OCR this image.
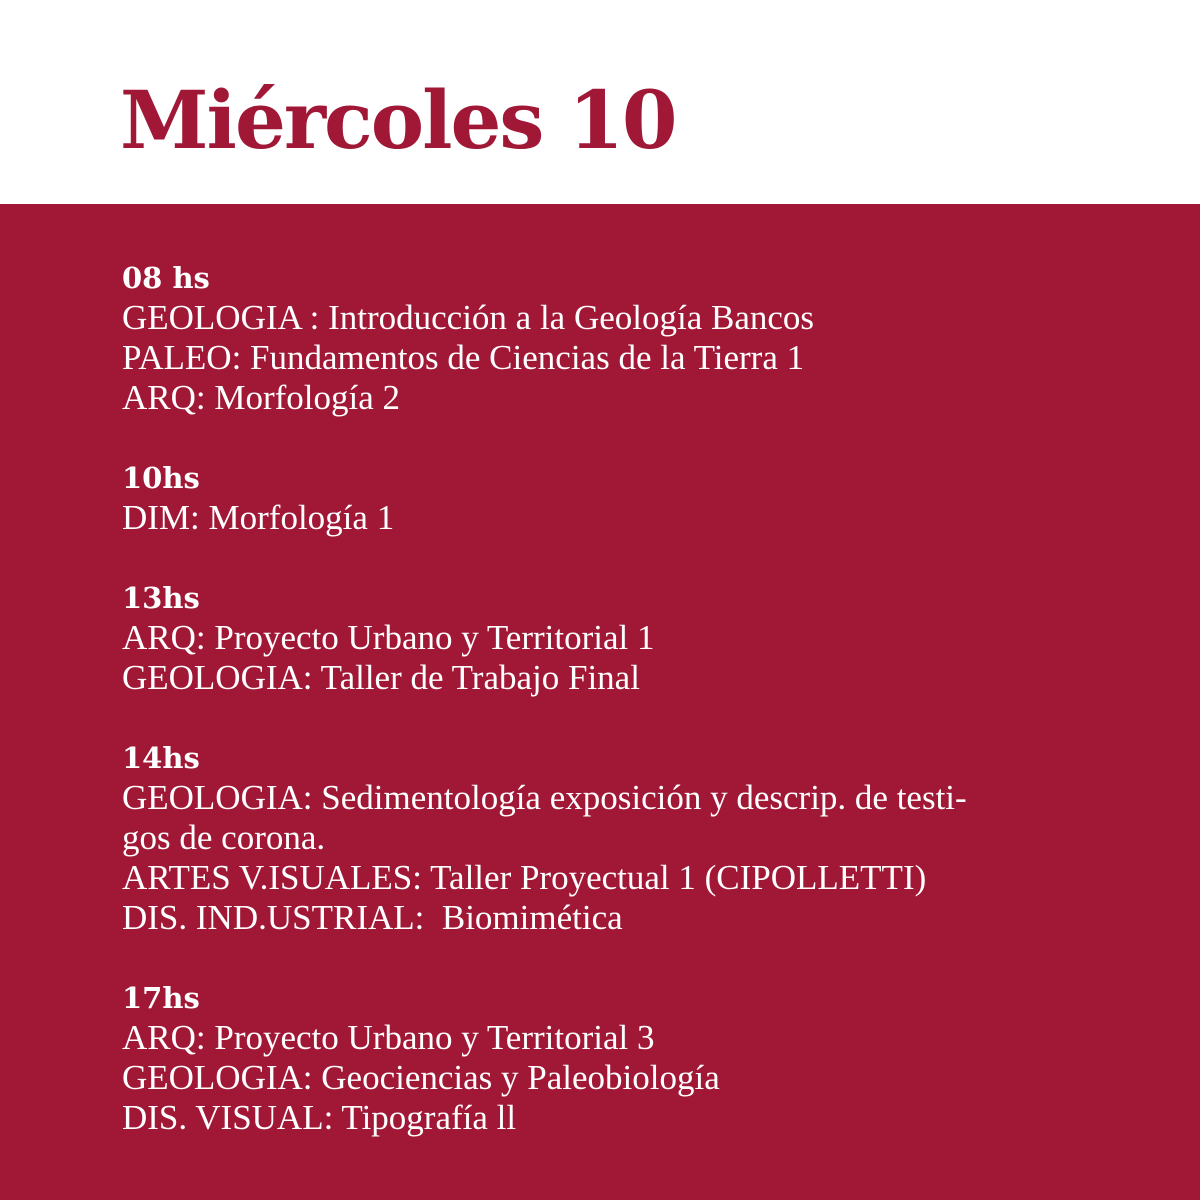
Miércoles 10
08 hs
GEOLOGIA : Introducción a la Geología Bancos
PALEO: Fundamentos de Ciencias de la Tierra 1
ARQ: Morfología 2
10hs
DIM: Morfología 1
13hs
ARQ: Proyecto Urbano y Territorial 1
GEOLOGIA: Taller de Trabajo Final
14hs
GEOLOGIA: Sedimentología exposición y descrip. de testi-
gos de corona.
ARTES V.ISUALES: Taller Proyectual 1 (CIPOLLETTI)
DIS. IND.USTRIAL:  Biomimética
17hs
ARQ: Proyecto Urbano y Territorial 3
GEOLOGIA: Geociencias y Paleobiología
DIS. VISUAL: Tipografía ll
